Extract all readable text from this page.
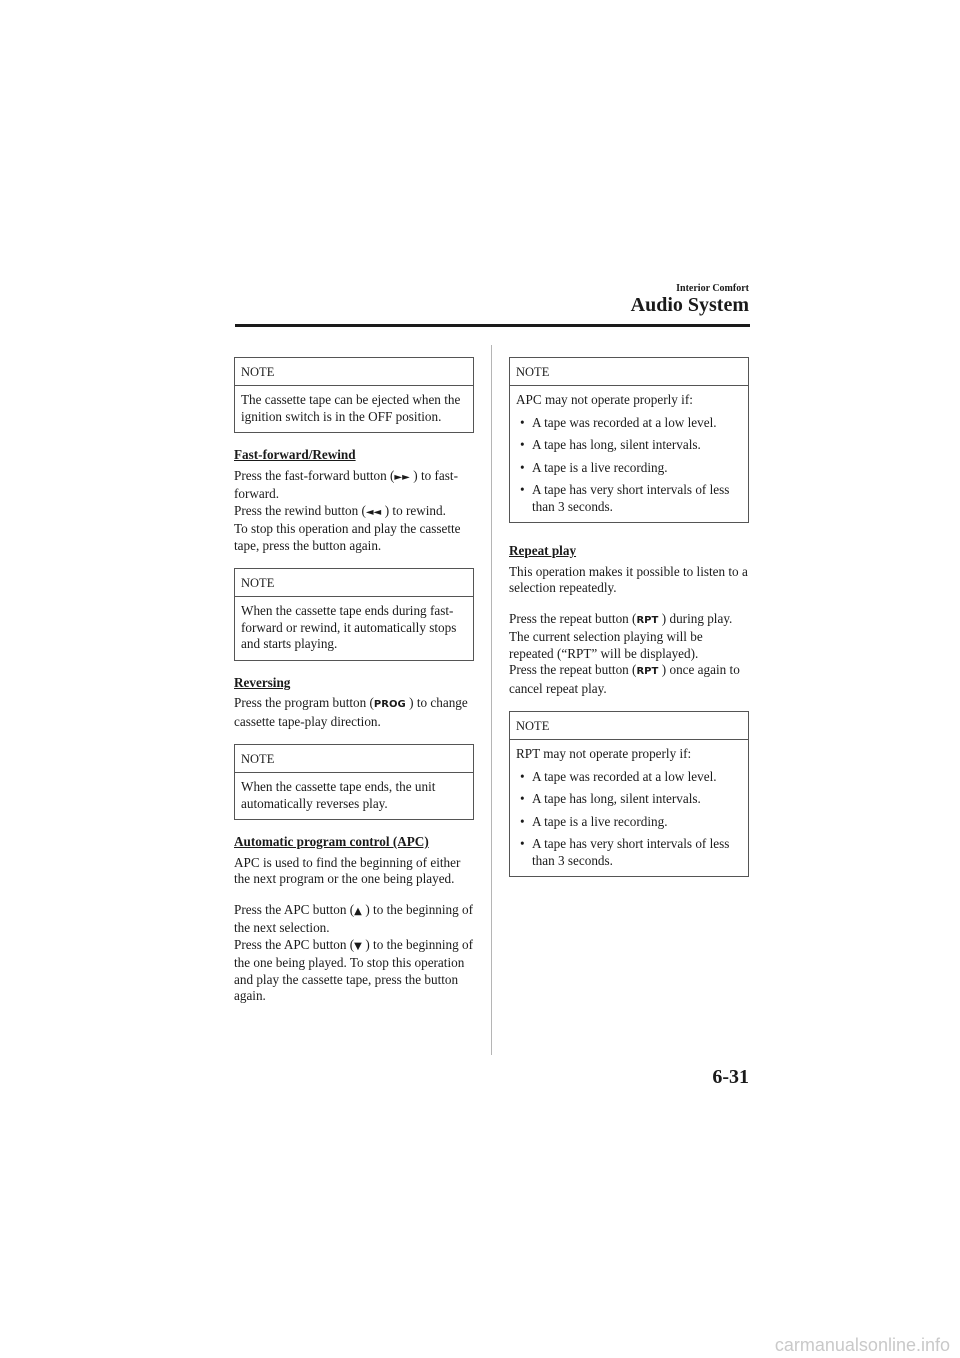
Interior Comfort
Audio System
NOTE
The cassette tape can be ejected when the ignition switch is in the OFF position.
Fast-forward/Rewind

Press the fast-forward button (►► ) to fast-forward.
Press the rewind button (◄◄ ) to rewind.
To stop this operation and play the cassette tape, press the button again.

NOTE
When the cassette tape ends during fast-forward or rewind, it automatically stops and starts playing.
Reversing

Press the program button (PROG ) to change cassette tape-play direction.

NOTE
When the cassette tape ends, the unit automatically reverses play.
Automatic program control (APC)

APC is used to find the beginning of either the next program or the one being played.

Press the APC button (▲ ) to the beginning of the next selection.
Press the APC button (▼ ) to the beginning of the one being played. To stop this operation and play the cassette tape, press the button again.

NOTE
APC may not operate properly if:
• A tape was recorded at a low level.
• A tape has long, silent intervals.
• A tape is a live recording.
• A tape has very short intervals of less than 3 seconds.
Repeat play

This operation makes it possible to listen to a selection repeatedly.

Press the repeat button (RPT ) during play. The current selection playing will be repeated (“RPT” will be displayed).
Press the repeat button (RPT ) once again to cancel repeat play.

NOTE
RPT may not operate properly if:
• A tape was recorded at a low level.
• A tape has long, silent intervals.
• A tape is a live recording.
• A tape has very short intervals of less than 3 seconds.
6-31
carmanualsonline.info
